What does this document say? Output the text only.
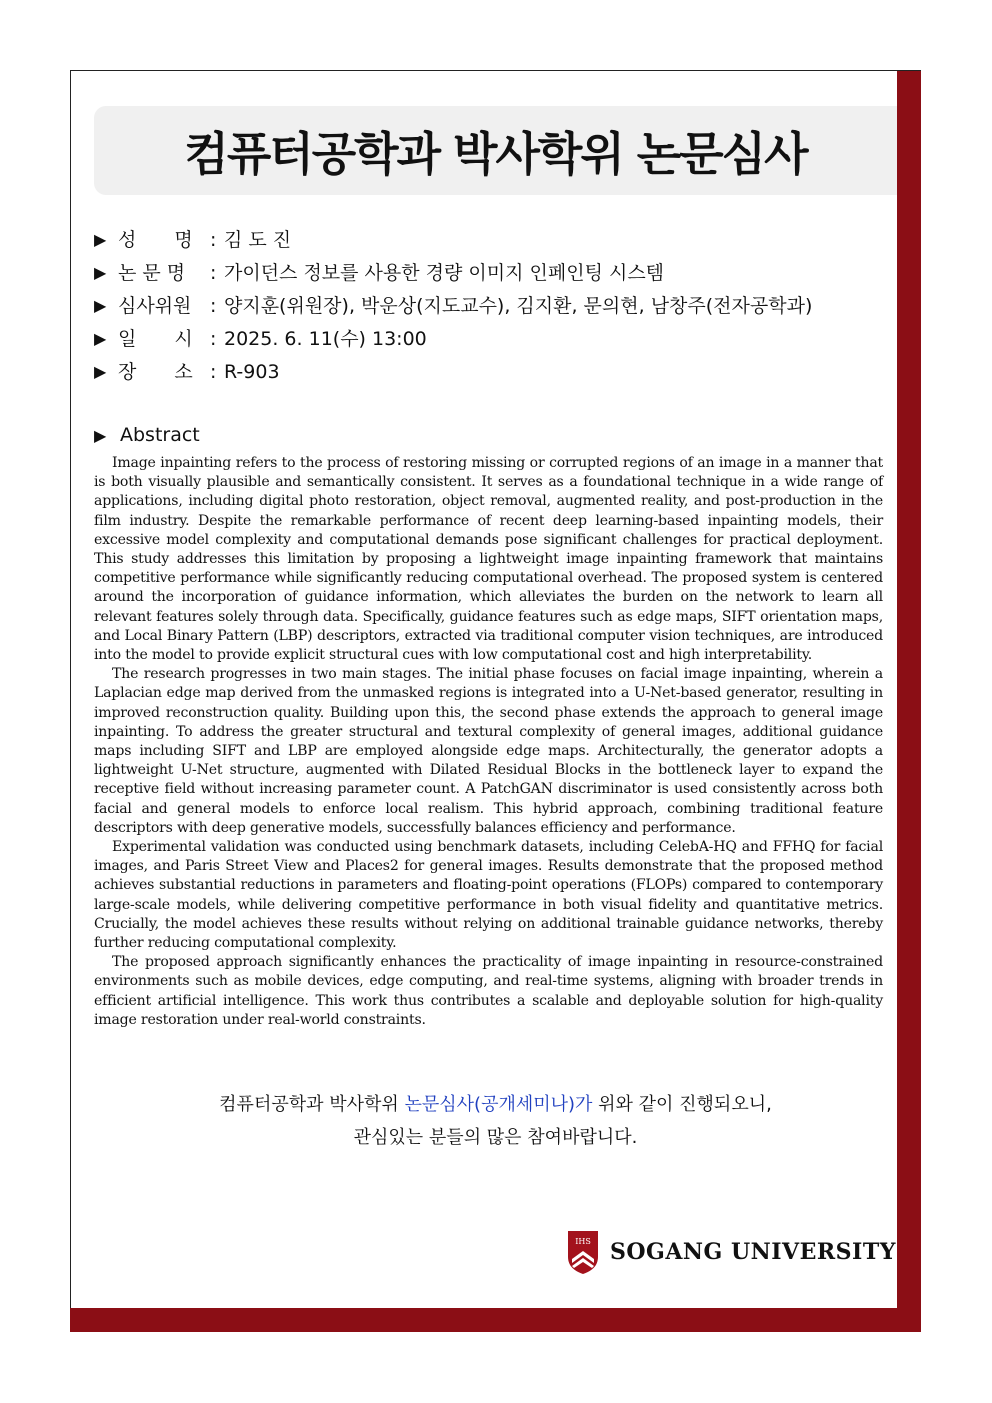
컴퓨터공학과 박사학위 논문심사
▶ 성　　명 : 김 도 진
▶ 논 문 명	: 가이던스 정보를 사용한 경량 이미지 인페인팅 시스템
▶ 심사위원 : 양지훈(위원장), 박운상(지도교수), 김지환, 문의현, 남창주(전자공학과)
▶ 일　　시 : 2025. 6. 11(수) 13:00
▶ 장　　소 : R-903
▶ Abstract

Image inpainting refers to the process of restoring missing or corrupted regions of an image in a manner that is both visually plausible and semantically consistent. It serves as a foundational technique in a wide range of applications, including digital photo restoration, object removal, augmented reality, and post-production in the film industry. Despite the remarkable performance of recent deep learning-based inpainting models, their excessive model complexity and computational demands pose significant challenges for practical deployment. This study addresses this limitation by proposing a lightweight image inpainting framework that maintains competitive performance while significantly reducing computational overhead. The proposed system is centered around the incorporation of guidance information, which alleviates the burden on the network to learn all relevant features solely through data. Specifically, guidance features such as edge maps, SIFT orientation maps, and Local Binary Pattern (LBP) descriptors, extracted via traditional computer vision techniques, are introduced into the model to provide explicit structural cues with low computational cost and high interpretability.

The research progresses in two main stages. The initial phase focuses on facial image inpainting, wherein a Laplacian edge map derived from the unmasked regions is integrated into a U-Net-based generator, resulting in improved reconstruction quality. Building upon this, the second phase extends the approach to general image inpainting. To address the greater structural and textural complexity of general images, additional guidance maps including SIFT and LBP are employed alongside edge maps. Architecturally, the generator adopts a lightweight U-Net structure, augmented with Dilated Residual Blocks in the bottleneck layer to expand the receptive field without increasing parameter count. A PatchGAN discriminator is used consistently across both facial and general models to enforce local realism. This hybrid approach, combining traditional feature descriptors with deep generative models, successfully balances efficiency and performance.

Experimental validation was conducted using benchmark datasets, including CelebA-HQ and FFHQ for facial images, and Paris Street View and Places2 for general images. Results demonstrate that the proposed method achieves substantial reductions in parameters and floating-point operations (FLOPs) compared to contemporary large-scale models, while delivering competitive performance in both visual fidelity and quantitative metrics. Crucially, the model achieves these results without relying on additional trainable guidance networks, thereby further reducing computational complexity.

The proposed approach significantly enhances the practicality of image inpainting in resource-constrained environments such as mobile devices, edge computing, and real-time systems, aligning with broader trends in efficient artificial intelligence. This work thus contributes a scalable and deployable solution for high-quality image restoration under real-world constraints.

컴퓨터공학과 박사학위 논문심사(공개세미나)가 위와 같이 진행되오니,
관심있는 분들의 많은 참여바랍니다.
IHS SOGANG UNIVERSITY
